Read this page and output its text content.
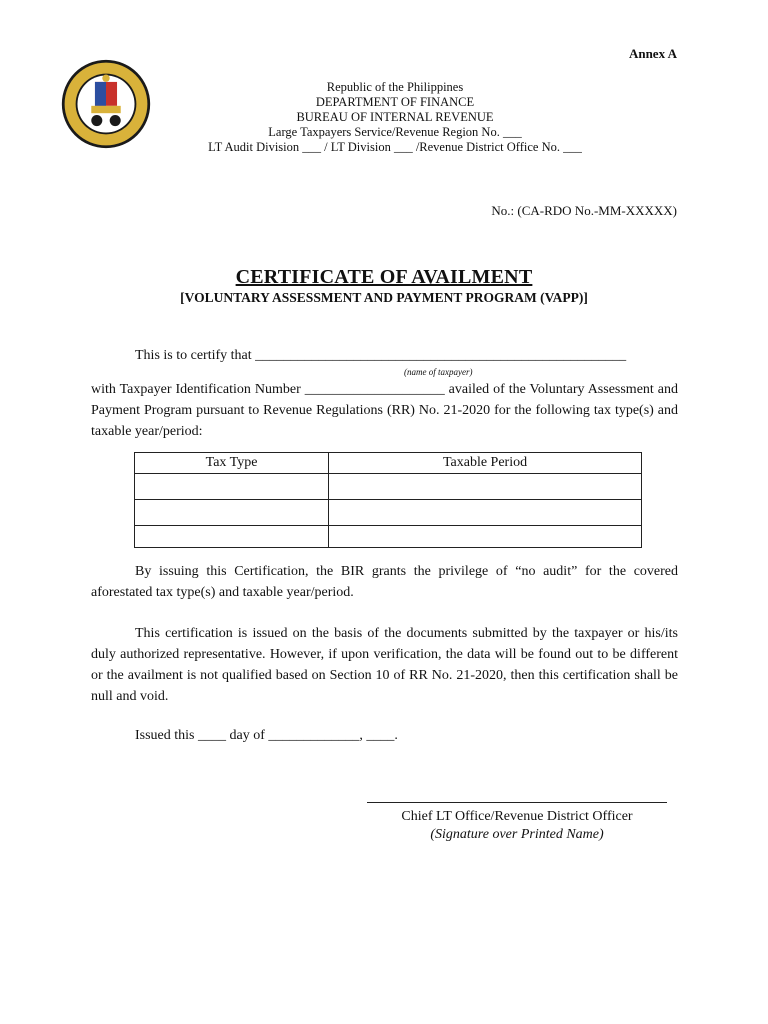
Annex A
Republic of the Philippines
DEPARTMENT OF FINANCE
BUREAU OF INTERNAL REVENUE
Large Taxpayers Service/Revenue Region No. ___
LT Audit Division ___ / LT Division ___ /Revenue District Office No. ___
No.: (CA-RDO No.-MM-XXXXX)
CERTIFICATE OF AVAILMENT
[VOLUNTARY ASSESSMENT AND PAYMENT PROGRAM (VAPP)]
This is to certify that _____________________________________________________
(name of taxpayer)
with Taxpayer Identification Number ____________________ availed of the Voluntary Assessment and Payment Program pursuant to Revenue Regulations (RR) No. 21-2020 for the following tax type(s) and taxable year/period:
Tax Type	Taxable Period

By issuing this Certification, the BIR grants the privilege of “no audit” for the covered aforestated tax type(s) and taxable year/period.
This certification is issued on the basis of the documents submitted by the taxpayer or his/its duly authorized representative. However, if upon verification, the data will be found out to be different or the availment is not qualified based on Section 10 of RR No. 21-2020, then this certification shall be null and void.
Issued this ____ day of _____________, ____.
Chief LT Office/Revenue District Officer
(Signature over Printed Name)
